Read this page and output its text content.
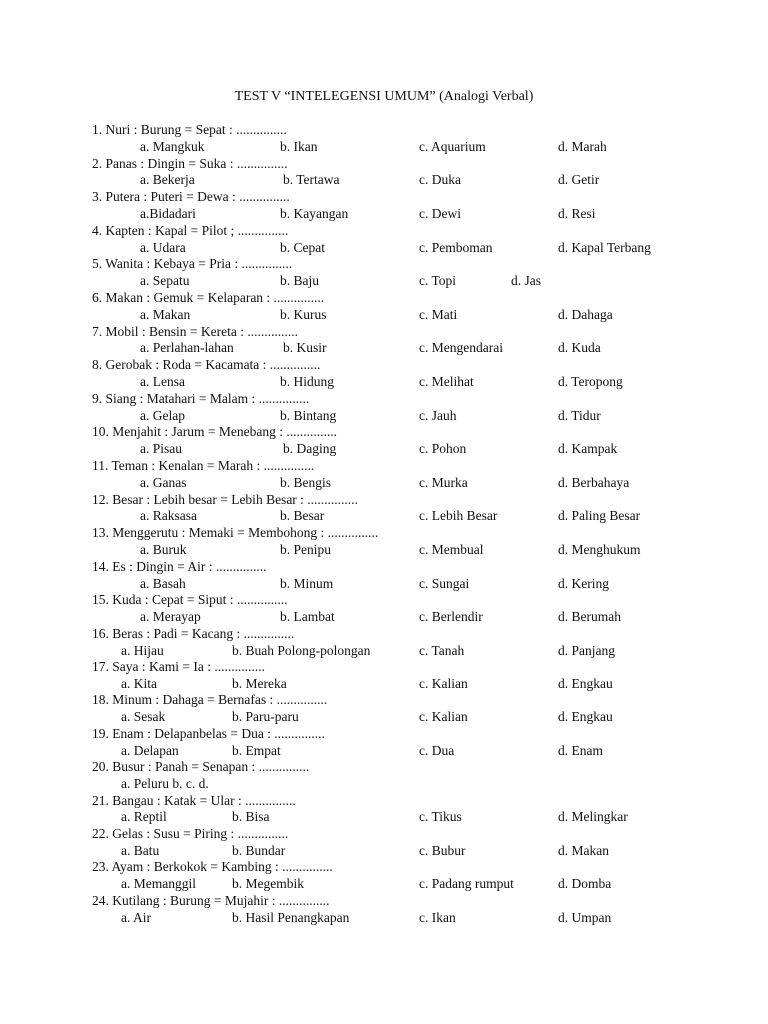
TEST V “INTELEGENSI UMUM” (Analogi Verbal)
1. Nuri : Burung = Sepat : ...............
a. Mangkuk	b. Ikan	c. Aquarium	d. Marah
2. Panas : Dingin = Suka : ...............
a. Bekerja	b. Tertawa	c. Duka	d. Getir
3. Putera : Puteri = Dewa : ...............
a.Bidadari	b. Kayangan	c. Dewi	d. Resi
4. Kapten : Kapal = Pilot ; ...............
a. Udara	b. Cepat	c. Pemboman	d. Kapal Terbang
5. Wanita : Kebaya = Pria : ...............
a. Sepatu	b. Baju	c. Topi	d. Jas
6. Makan : Gemuk = Kelaparan : ...............
a. Makan	b. Kurus	c. Mati	d. Dahaga
7. Mobil : Bensin = Kereta : ...............
a. Perlahan-lahan	b. Kusir	c. Mengendarai	d. Kuda
8. Gerobak : Roda = Kacamata : ...............
a. Lensa	b. Hidung	c. Melihat	d. Teropong
9. Siang : Matahari = Malam : ...............
a. Gelap	b. Bintang	c. Jauh	d. Tidur
10. Menjahit : Jarum = Menebang : ...............
a. Pisau	b. Daging	c. Pohon	d. Kampak
11. Teman : Kenalan = Marah : ...............
a. Ganas	b. Bengis	c. Murka	d. Berbahaya
12. Besar : Lebih besar = Lebih Besar : ...............
a. Raksasa	b. Besar	c. Lebih Besar	d. Paling Besar
13. Menggerutu : Memaki = Membohong : ...............
a. Buruk	b. Penipu	c. Membual	d. Menghukum
14. Es : Dingin = Air : ...............
a. Basah	b. Minum	c. Sungai	d. Kering
15. Kuda : Cepat = Siput : ...............
a. Merayap	b. Lambat	c. Berlendir	d. Berumah
16. Beras : Padi = Kacang : ...............
a. Hijau	b. Buah Polong-polongan	c. Tanah	d. Panjang
17. Saya : Kami = Ia : ...............
a. Kita	b. Mereka	c. Kalian	d. Engkau
18. Minum : Dahaga = Bernafas : ...............
a. Sesak	b. Paru-paru	c. Kalian	d. Engkau
19. Enam : Delapanbelas = Dua : ...............
a. Delapan	b. Empat	c. Dua	d. Enam
20. Busur : Panah = Senapan : ...............
a. Peluru b. c. d.
21. Bangau : Katak = Ular : ...............
a. Reptil	b. Bisa	c. Tikus	d. Melingkar
22. Gelas : Susu = Piring : ...............
a. Batu	b. Bundar	c. Bubur	d. Makan
23. Ayam : Berkokok = Kambing : ...............
a. Memanggil	b. Megembik	c. Padang rumput	d. Domba
24. Kutilang : Burung = Mujahir : ...............
a. Air	b. Hasil Penangkapan	c. Ikan	d. Umpan
